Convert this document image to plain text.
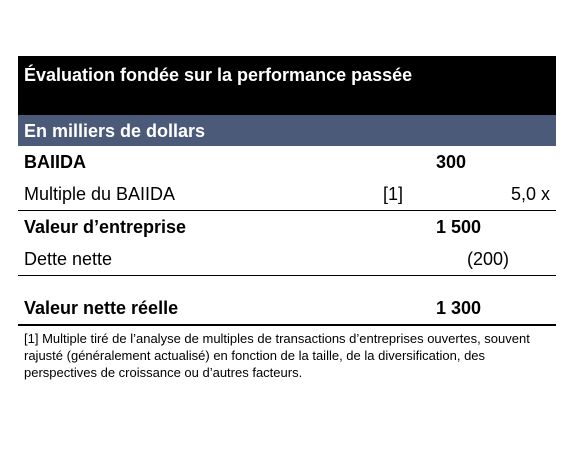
Évaluation fondée sur la performance passée
En milliers de dollars
BAIIDA	300
Multiple du BAIIDA	[1]	5,0 x
Valeur d’entreprise	1 500
Dette nette	(200)
Valeur nette réelle	1 300
[1] Multiple tiré de l’analyse de multiples de transactions d’entreprises ouvertes, souvent rajusté (généralement actualisé) en fonction de la taille, de la diversification, des perspectives de croissance ou d’autres facteurs.
